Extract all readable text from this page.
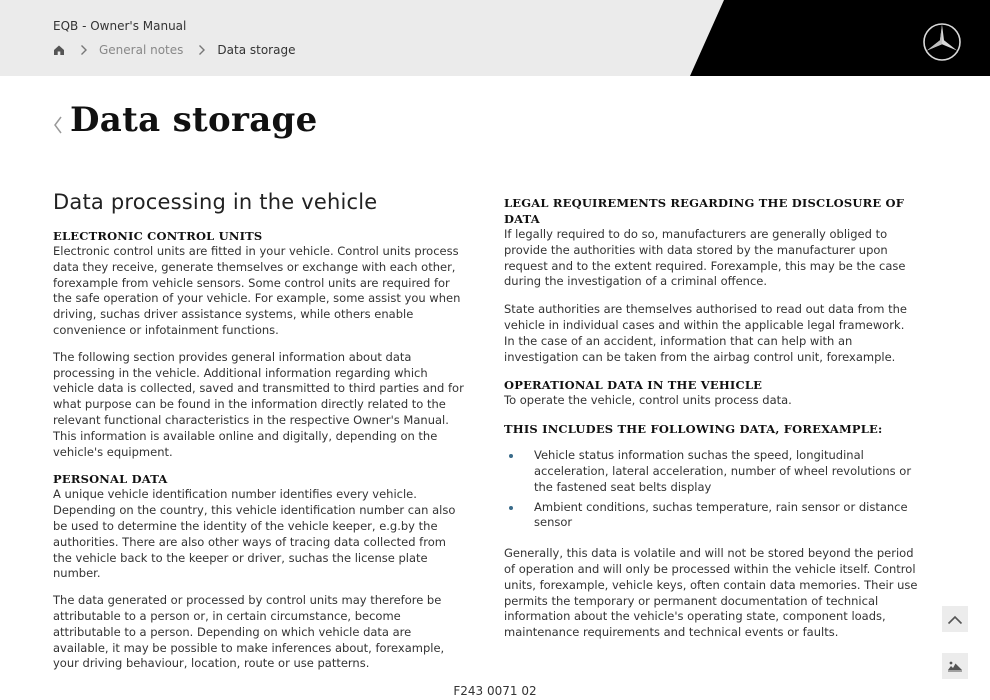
EQB - Owner's Manual
General notes	Data storage
Data storage
Data processing in the vehicle
ELECTRONIC CONTROL UNITS

Electronic control units are fitted in your vehicle. Control units process data they receive, generate themselves or exchange with each other, forexample from vehicle sensors. Some control units are required for the safe operation of your vehicle. For example, some assist you when driving, suchas driver assistance systems, while others enable convenience or infotainment functions.

The following section provides general information about data processing in the vehicle. Additional information regarding which vehicle data is collected, saved and transmitted to third parties and for what purpose can be found in the information directly related to the relevant functional characteristics in the respective Owner's Manual. This information is available online and digitally, depending on the vehicle's equipment.

PERSONAL DATA

A unique vehicle identification number identifies every vehicle. Depending on the country, this vehicle identification number can also be used to determine the identity of the vehicle keeper, e.g.by the authorities. There are also other ways of tracing data collected from the vehicle back to the keeper or driver, suchas the license plate number.

The data generated or processed by control units may therefore be attributable to a person or, in certain circumstance, become attributable to a person. Depending on which vehicle data are available, it may be possible to make inferences about, forexample, your driving behaviour, location, route or use patterns.

LEGAL REQUIREMENTS REGARDING THE DISCLOSURE OF DATA

If legally required to do so, manufacturers are generally obliged to provide the authorities with data stored by the manufacturer upon request and to the extent required. Forexample, this may be the case during the investigation of a criminal offence.

State authorities are themselves authorised to read out data from the vehicle in individual cases and within the applicable legal framework. In the case of an accident, information that can help with an investigation can be taken from the airbag control unit, forexample.

OPERATIONAL DATA IN THE VEHICLE

To operate the vehicle, control units process data.

THIS INCLUDES THE FOLLOWING DATA, FOREXAMPLE:
Vehicle status information suchas the speed, longitudinal acceleration, lateral acceleration, number of wheel revolutions or the fastened seat belts display
Ambient conditions, suchas temperature, rain sensor or distance sensor

Generally, this data is volatile and will not be stored beyond the period of operation and will only be processed within the vehicle itself. Control units, forexample, vehicle keys, often contain data memories. Their use permits the temporary or permanent documentation of technical information about the vehicle's operating state, component loads, maintenance requirements and technical events or faults.

F243 0071 02
